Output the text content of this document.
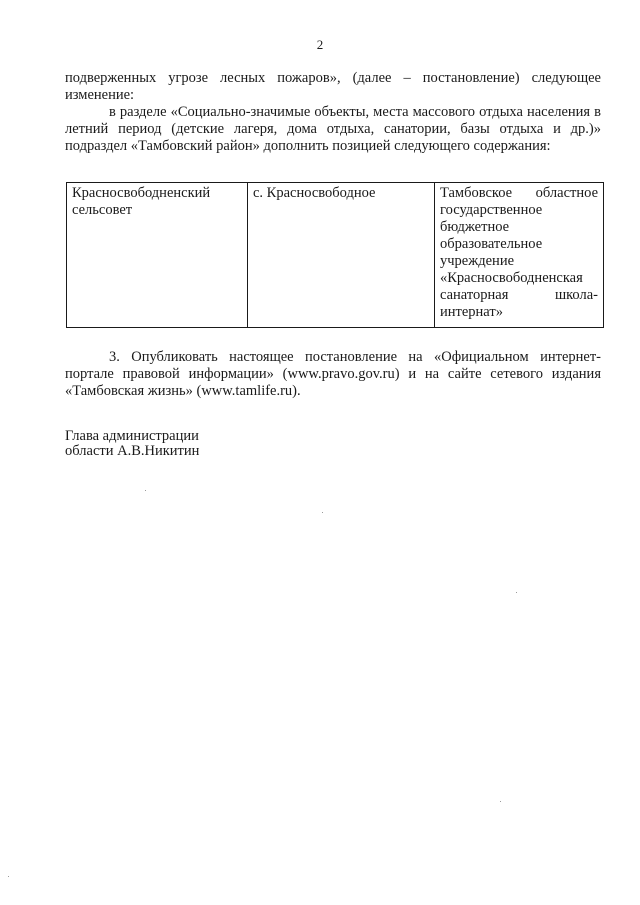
2

подверженных угрозе лесных пожаров», (далее – постановление) следующее изменение:

в разделе «Социально-значимые объекты, места массового отдыха населения в летний период (детские лагеря, дома отдыха, санатории, базы отдыха и др.)» подраздел «Тамбовский район» дополнить позицией следующего содержания:

Красносвободненский сельсовет	с. Красносвободное	Тамбовское областное государственное бюджетное образовательное учреждение «Красносвободненская санаторная школа-интернат»

3. Опубликовать настоящее постановление на «Официальном интернет-портале правовой информации» (www.pravo.gov.ru) и на сайте сетевого издания «Тамбовская жизнь» (www.tamlife.ru).

Глава администрации
области А.В.Никитин
